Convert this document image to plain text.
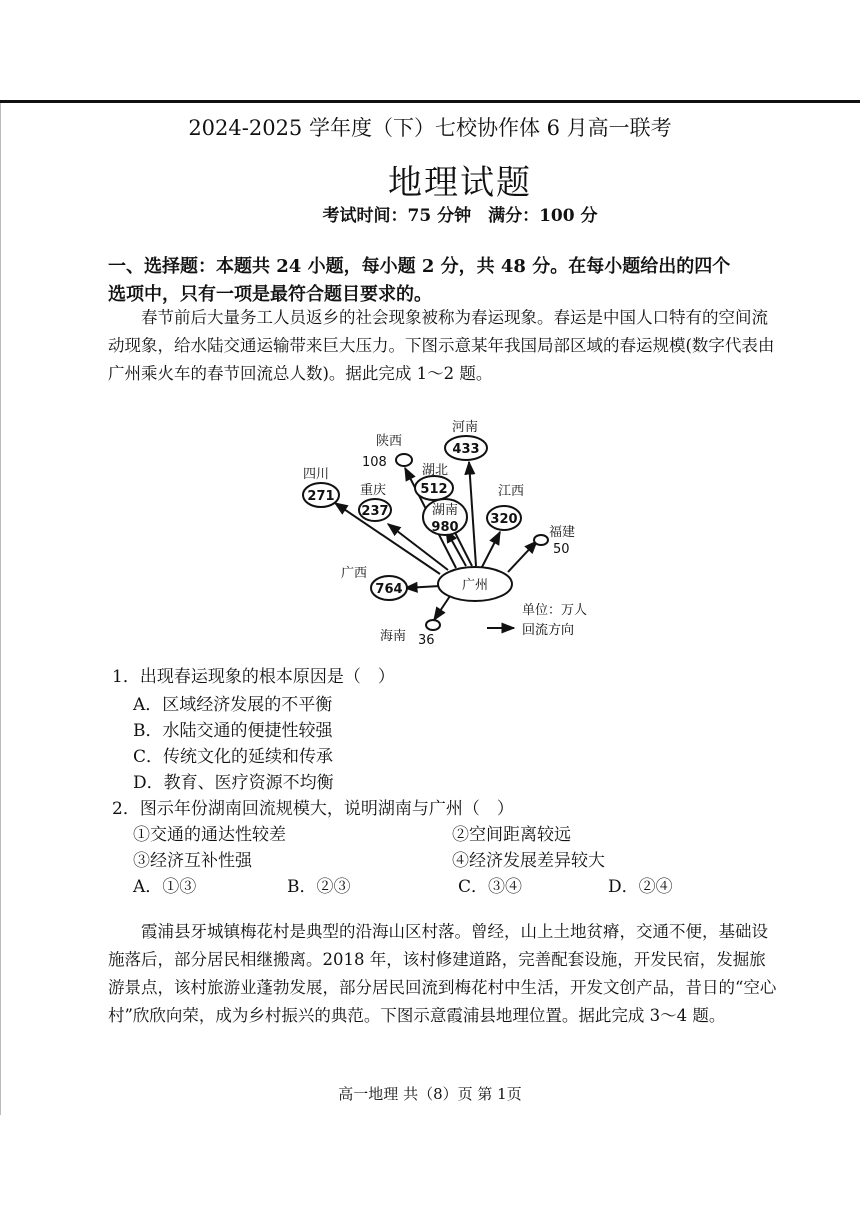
2024-2025 学年度（下）七校协作体 6 月高一联考
地理试题
考试时间：75 分钟　满分：100 分
一、选择题：本题共 24 小题，每小题 2 分，共 48 分。在每小题给出的四个
选项中，只有一项是最符合题目要求的。
春节前后大量务工人员返乡的社会现象被称为春运现象。春运是中国人口特有的空间流动现象，给水陆交通运输带来巨大压力。下图示意某年我国局部区域的春运规模(数字代表由广州乘火车的春节回流总人数)。据此完成 1～2 题。
四川
271 重庆
237
陕西
108
河南
433
湖北
512
湖南
980
江西
320
福建
50
广西
764	广州
海南 36
单位：万人
回流方向
1．出现春运现象的根本原因是（　）
A．区域经济发展的不平衡
B．水陆交通的便捷性较强
C．传统文化的延续和传承
D．教育、医疗资源不均衡
2．图示年份湖南回流规模大，说明湖南与广州（　）
①交通的通达性较差	②空间距离较远
③经济互补性强	④经济发展差异较大
A．①③	B．②③	C．③④	D．②④
霞浦县牙城镇梅花村是典型的沿海山区村落。曾经，山上土地贫瘠，交通不便，基础设施落后，部分居民相继搬离。2018 年，该村修建道路，完善配套设施，开发民宿，发掘旅游景点，该村旅游业蓬勃发展，部分居民回流到梅花村中生活，开发文创产品，昔日的“空心村”欣欣向荣，成为乡村振兴的典范。下图示意霞浦县地理位置。据此完成 3～4 题。
高一地理 共（8）页 第 1页
